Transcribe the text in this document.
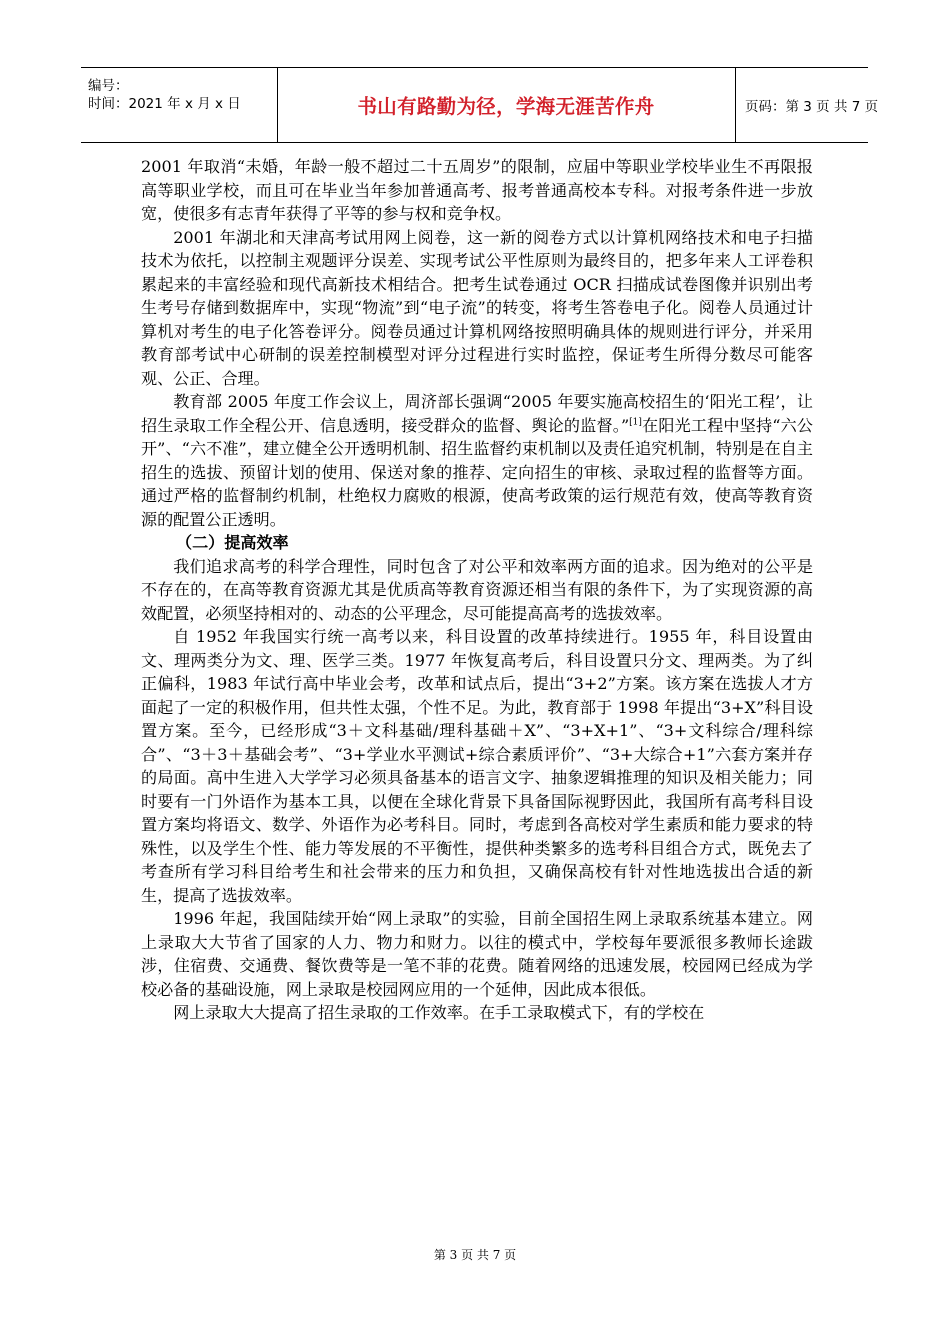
编号：
时间：2021 年 x 月 x 日	书山有路勤为径，学海无涯苦作舟	页码：第 3 页 共 7 页

2001 年取消“未婚，年龄一般不超过二十五周岁”的限制，应届中等职业学校毕业生不再限报高等职业学校，而且可在毕业当年参加普通高考、报考普通高校本专科。对报考条件进一步放宽，使很多有志青年获得了平等的参与权和竞争权。

2001 年湖北和天津高考试用网上阅卷，这一新的阅卷方式以计算机网络技术和电子扫描技术为依托，以控制主观题评分误差、实现考试公平性原则为最终目的，把多年来人工评卷积累起来的丰富经验和现代高新技术相结合。把考生试卷通过 OCR 扫描成试卷图像并识别出考生考号存储到数据库中，实现“物流”到“电子流”的转变，将考生答卷电子化。阅卷人员通过计算机对考生的电子化答卷评分。阅卷员通过计算机网络按照明确具体的规则进行评分，并采用教育部考试中心研制的误差控制模型对评分过程进行实时监控，保证考生所得分数尽可能客观、公正、合理。

教育部 2005 年度工作会议上，周济部长强调“2005 年要实施高校招生的‘阳光工程’，让招生录取工作全程公开、信息透明，接受群众的监督、舆论的监督。”[1]在阳光工程中坚持“六公开”、“六不准”，建立健全公开透明机制、招生监督约束机制以及责任追究机制，特别是在自主招生的选拔、预留计划的使用、保送对象的推荐、定向招生的审核、录取过程的监督等方面。通过严格的监督制约机制，杜绝权力腐败的根源，使高考政策的运行规范有效，使高等教育资源的配置公正透明。

（二）提高效率

我们追求高考的科学合理性，同时包含了对公平和效率两方面的追求。因为绝对的公平是不存在的，在高等教育资源尤其是优质高等教育资源还相当有限的条件下，为了实现资源的高效配置，必须坚持相对的、动态的公平理念，尽可能提高高考的选拔效率。

自 1952 年我国实行统一高考以来，科目设置的改革持续进行。1955 年，科目设置由文、理两类分为文、理、医学三类。1977 年恢复高考后，科目设置只分文、理两类。为了纠正偏科，1983 年试行高中毕业会考，改革和试点后，提出“3+2”方案。该方案在选拔人才方面起了一定的积极作用，但共性太强，个性不足。为此，教育部于 1998 年提出“3+X”科目设置方案。至今，已经形成“3＋文科基础/理科基础＋X”、“3+X+1”、“3+文科综合/理科综合”、“3＋3＋基础会考”、“3+学业水平测试+综合素质评价”、“3+大综合+1”六套方案并存的局面。高中生进入大学学习必须具备基本的语言文字、抽象逻辑推理的知识及相关能力；同时要有一门外语作为基本工具，以便在全球化背景下具备国际视野因此，我国所有高考科目设置方案均将语文、数学、外语作为必考科目。同时，考虑到各高校对学生素质和能力要求的特殊性，以及学生个性、能力等发展的不平衡性，提供种类繁多的选考科目组合方式，既免去了考查所有学习科目给考生和社会带来的压力和负担，又确保高校有针对性地选拔出合适的新生，提高了选拔效率。

1996 年起，我国陆续开始“网上录取”的实验，目前全国招生网上录取系统基本建立。网上录取大大节省了国家的人力、物力和财力。以往的模式中，学校每年要派很多教师长途跋涉，住宿费、交通费、餐饮费等是一笔不菲的花费。随着网络的迅速发展，校园网已经成为学校必备的基础设施，网上录取是校园网应用的一个延伸，因此成本很低。

网上录取大大提高了招生录取的工作效率。在手工录取模式下，有的学校在

第 3 页 共 7 页
